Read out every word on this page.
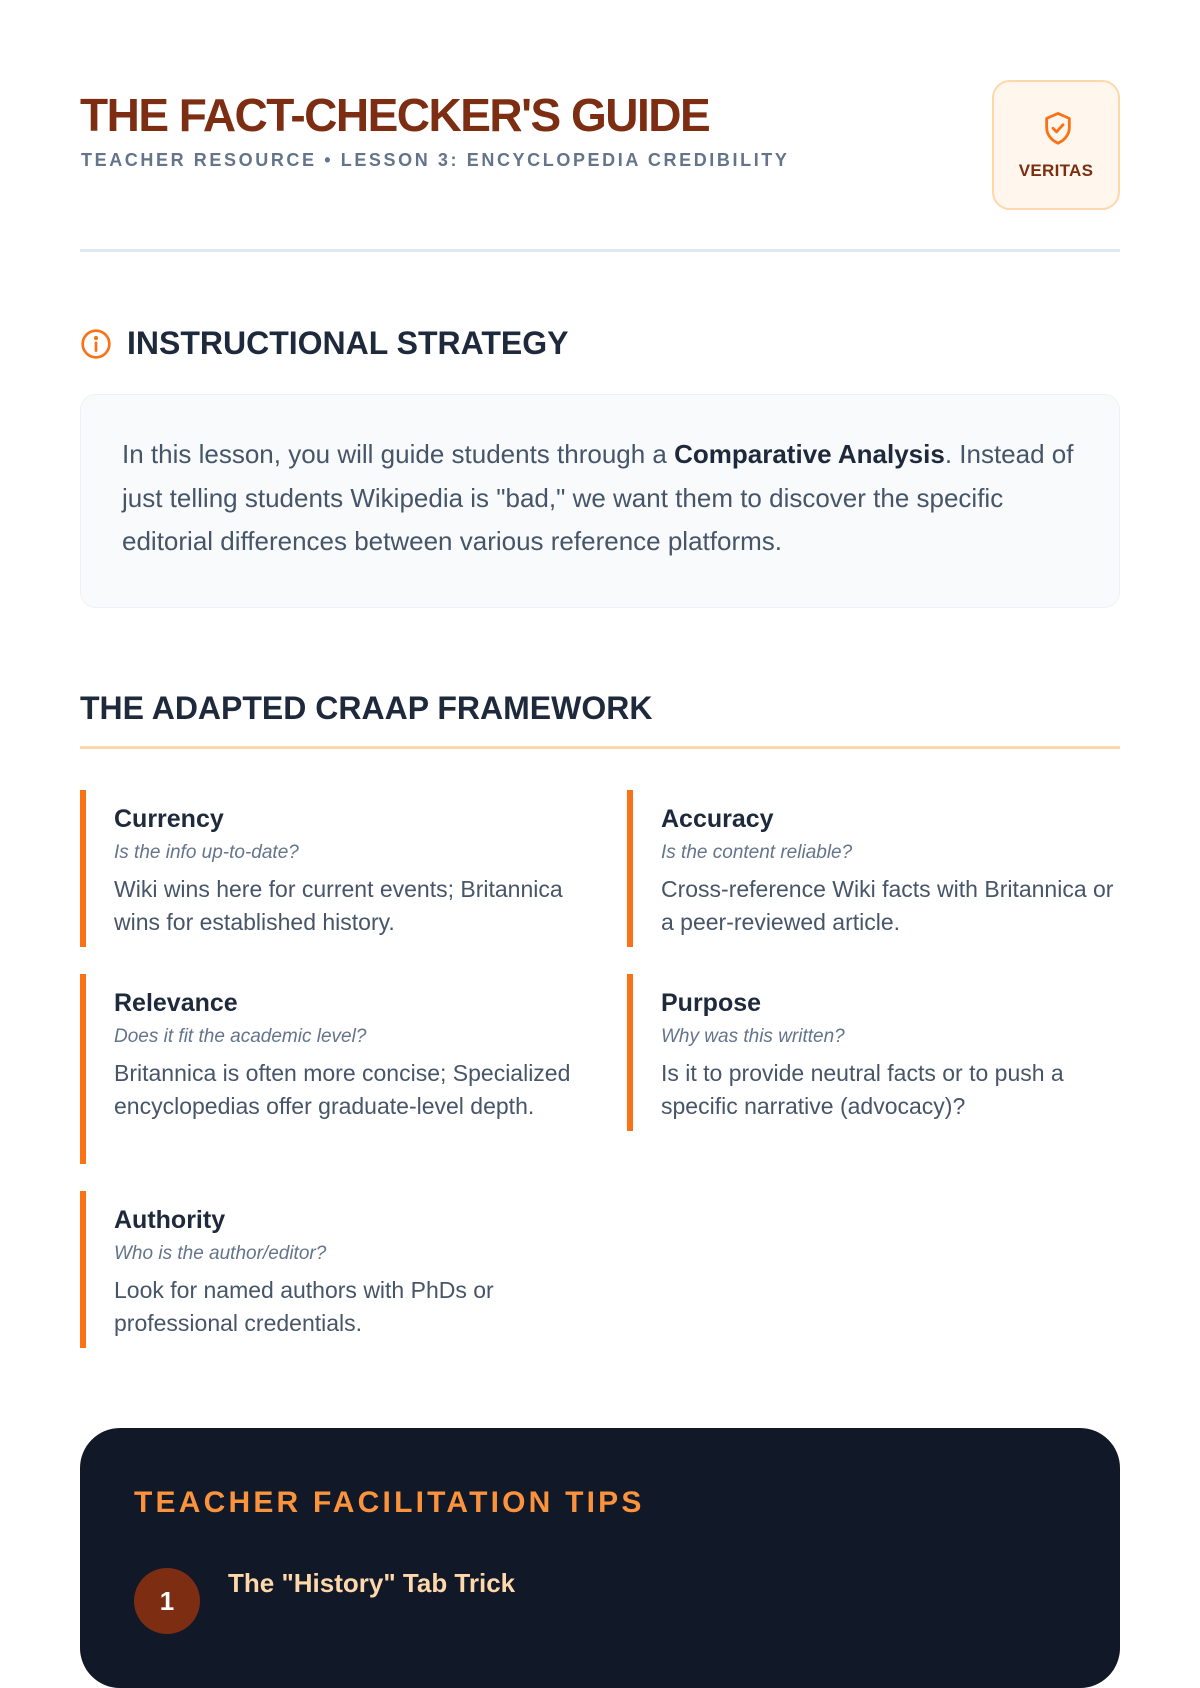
THE FACT-CHECKER'S GUIDE
TEACHER RESOURCE • LESSON 3: ENCYCLOPEDIA CREDIBILITY
VERITAS
INSTRUCTIONAL STRATEGY

In this lesson, you will guide students through a Comparative Analysis. Instead of just telling students Wikipedia is "bad," we want them to discover the specific editorial differences between various reference platforms.

THE ADAPTED CRAAP FRAMEWORK
Currency
Is the info up-to-date?
Wiki wins here for current events; Britannica wins for established history.
Accuracy
Is the content reliable?
Cross-reference Wiki facts with Britannica or a peer-reviewed article.
Relevance
Does it fit the academic level?
Britannica is often more concise; Specialized encyclopedias offer graduate-level depth.
Purpose
Why was this written?
Is it to provide neutral facts or to push a specific narrative (advocacy)?
Authority
Who is the author/editor?
Look for named authors with PhDs or professional credentials.
TEACHER FACILITATION TIPS
1
The "History" Tab Trick
